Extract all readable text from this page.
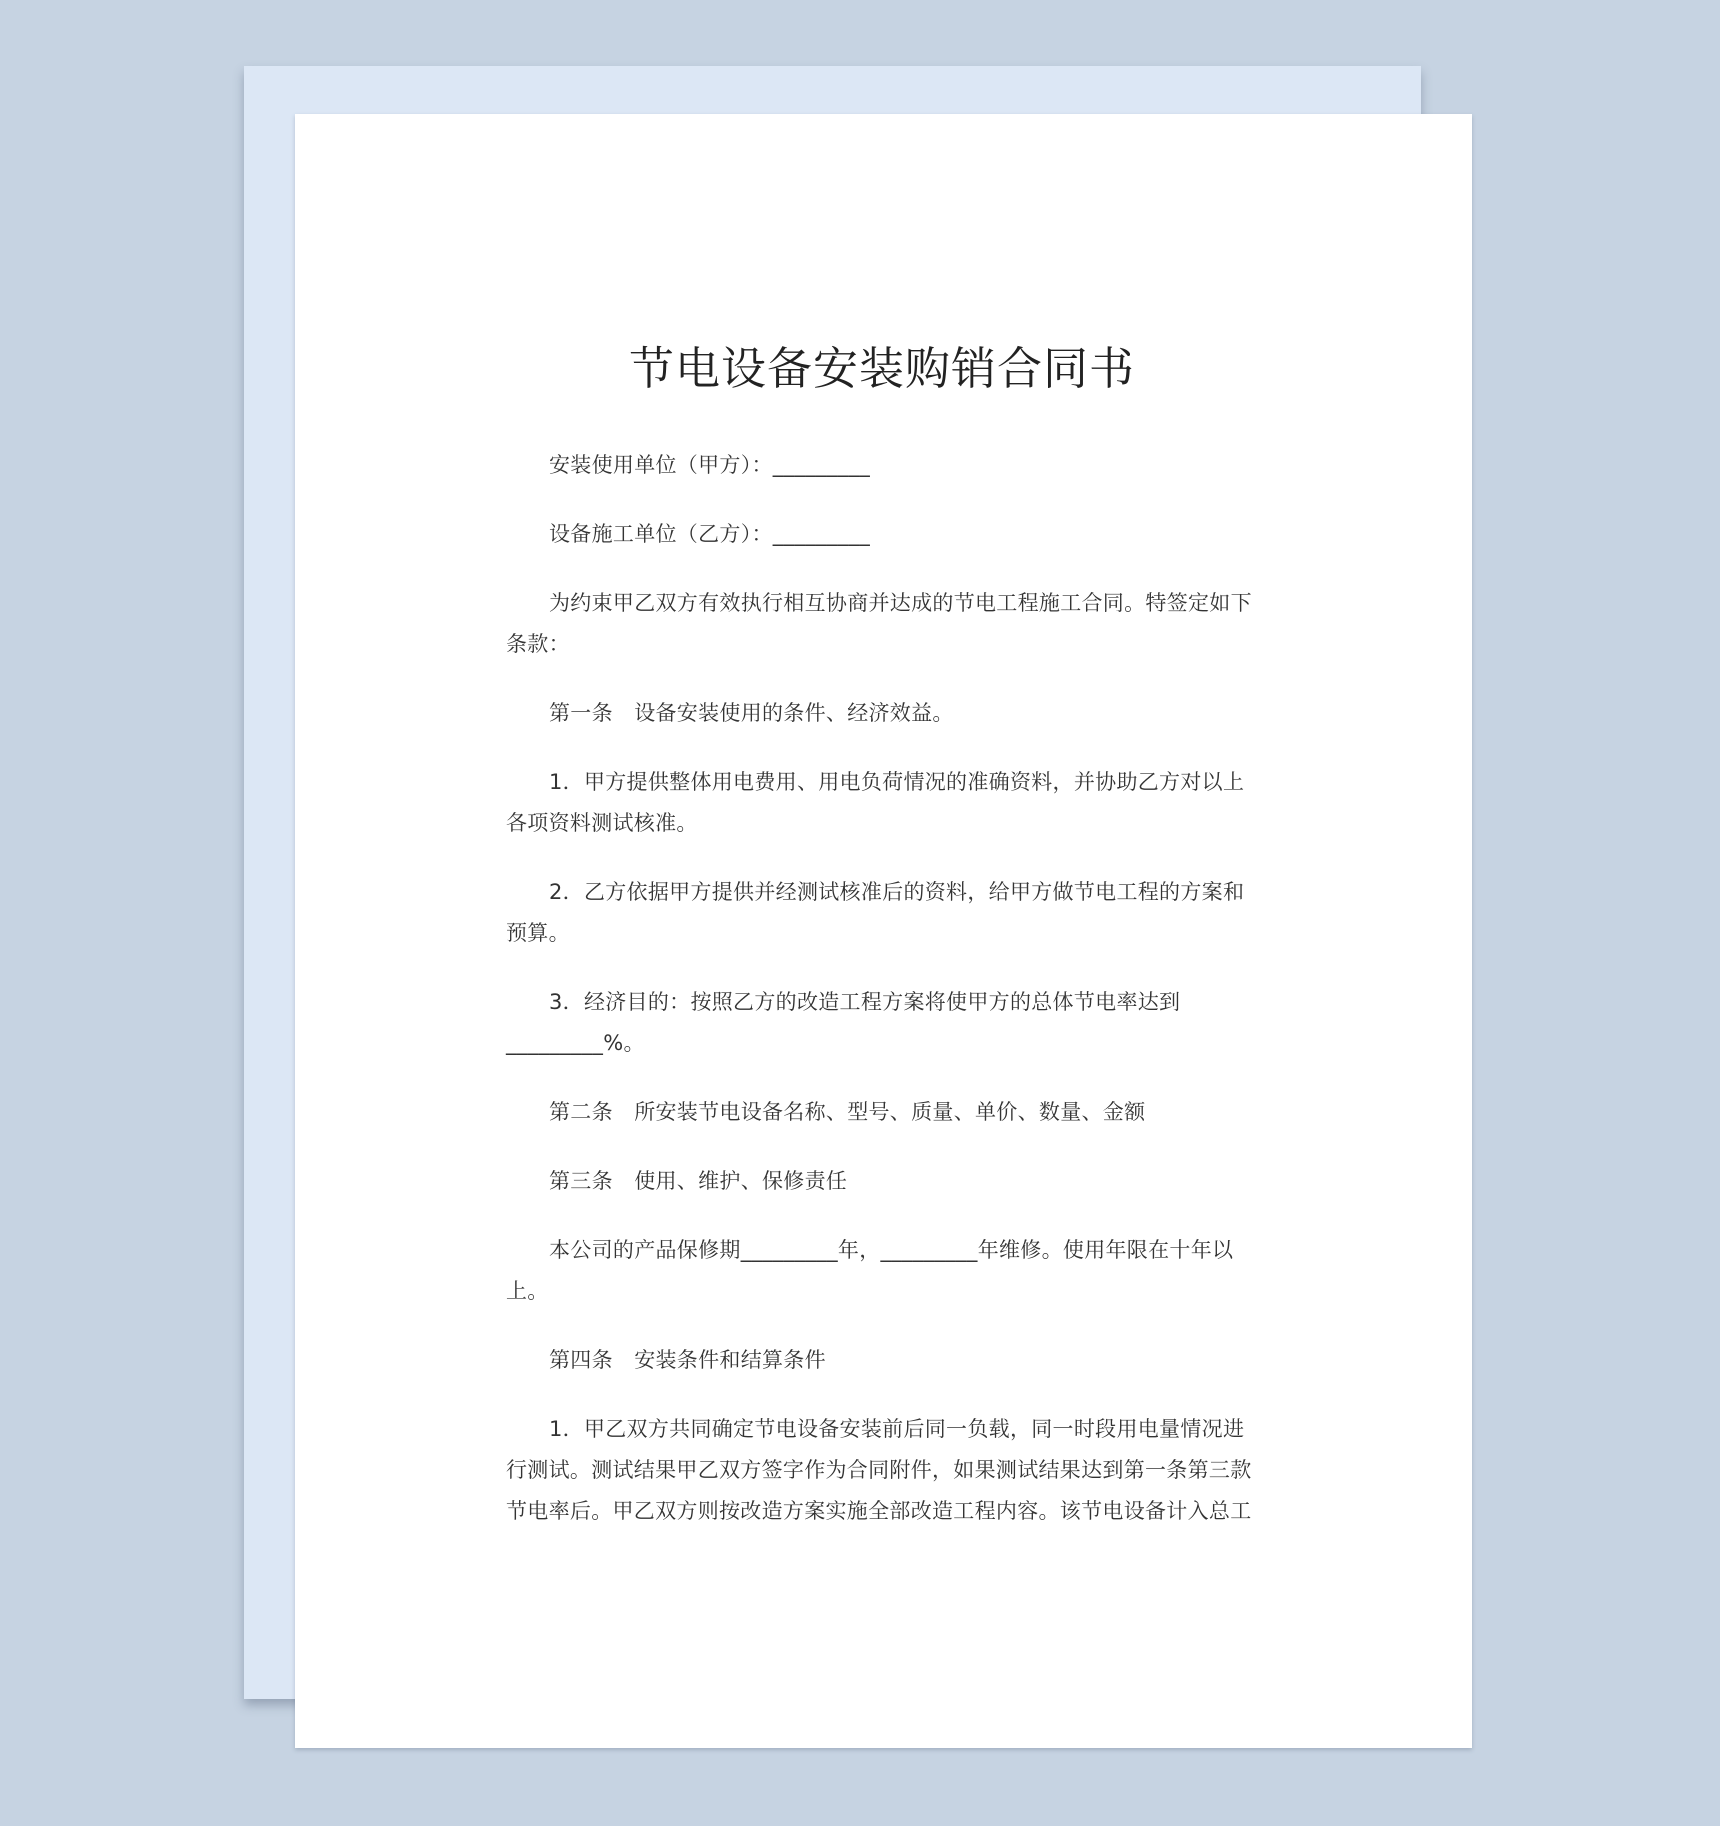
节电设备安装购销合同书

安装使用单位（甲方）：_________

设备施工单位（乙方）：_________

为约束甲乙双方有效执行相互协商并达成的节电工程施工合同。特签定如下条款：

第一条　设备安装使用的条件、经济效益。

1．甲方提供整体用电费用、用电负荷情况的准确资料，并协助乙方对以上各项资料测试核准。

2．乙方依据甲方提供并经测试核准后的资料，给甲方做节电工程的方案和预算。

3．经济目的：按照乙方的改造工程方案将使甲方的总体节电率达到_________%。

第二条　所安装节电设备名称、型号、质量、单价、数量、金额

第三条　使用、维护、保修责任

本公司的产品保修期_________年，_________年维修。使用年限在十年以上。

第四条　安装条件和结算条件

1．甲乙双方共同确定节电设备安装前后同一负载，同一时段用电量情况进行测试。测试结果甲乙双方签字作为合同附件，如果测试结果达到第一条第三款节电率后。甲乙双方则按改造方案实施全部改造工程内容。该节电设备计入总工
